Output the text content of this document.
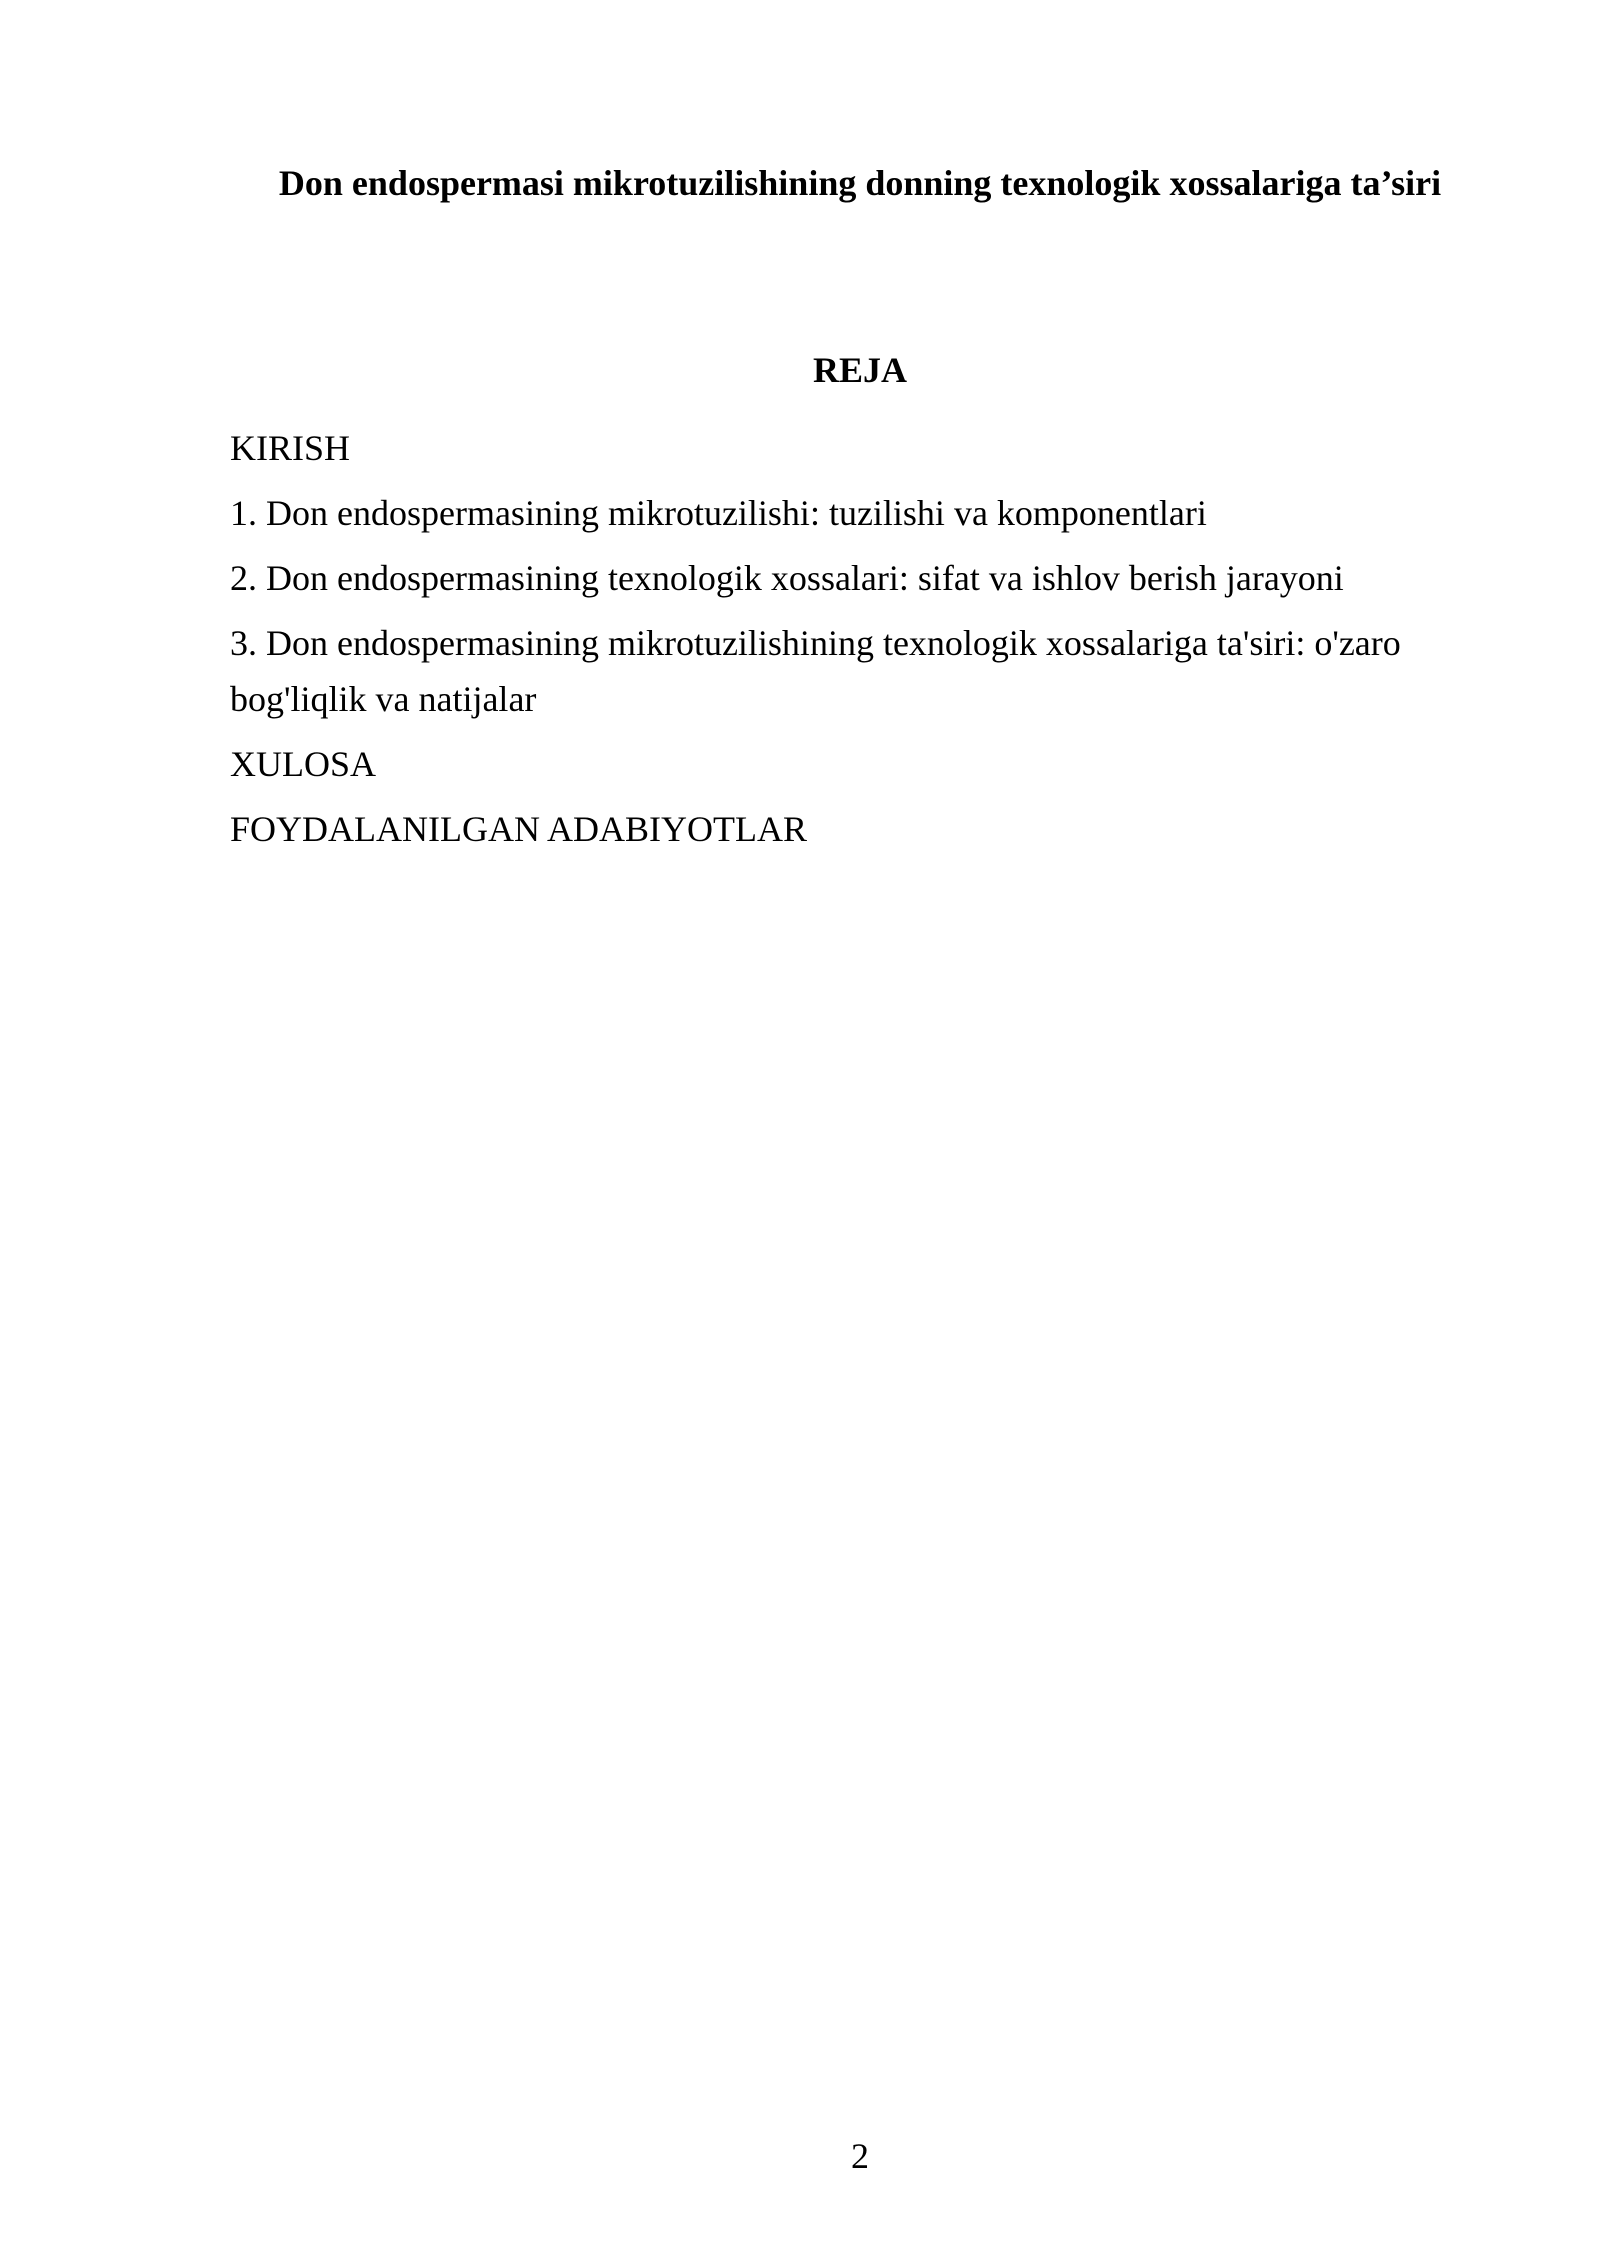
Don endospermasi mikrotuzilishining donning texnologik xossalariga ta’siri
REJA
KIRISH
1. Don endospermasining mikrotuzilishi: tuzilishi va komponentlari
2. Don endospermasining texnologik xossalari: sifat va ishlov berish jarayoni
3. Don endospermasining mikrotuzilishining texnologik xossalariga ta'siri: o'zaro bog'liqlik va natijalar
XULOSA
FOYDALANILGAN ADABIYOTLAR
2
